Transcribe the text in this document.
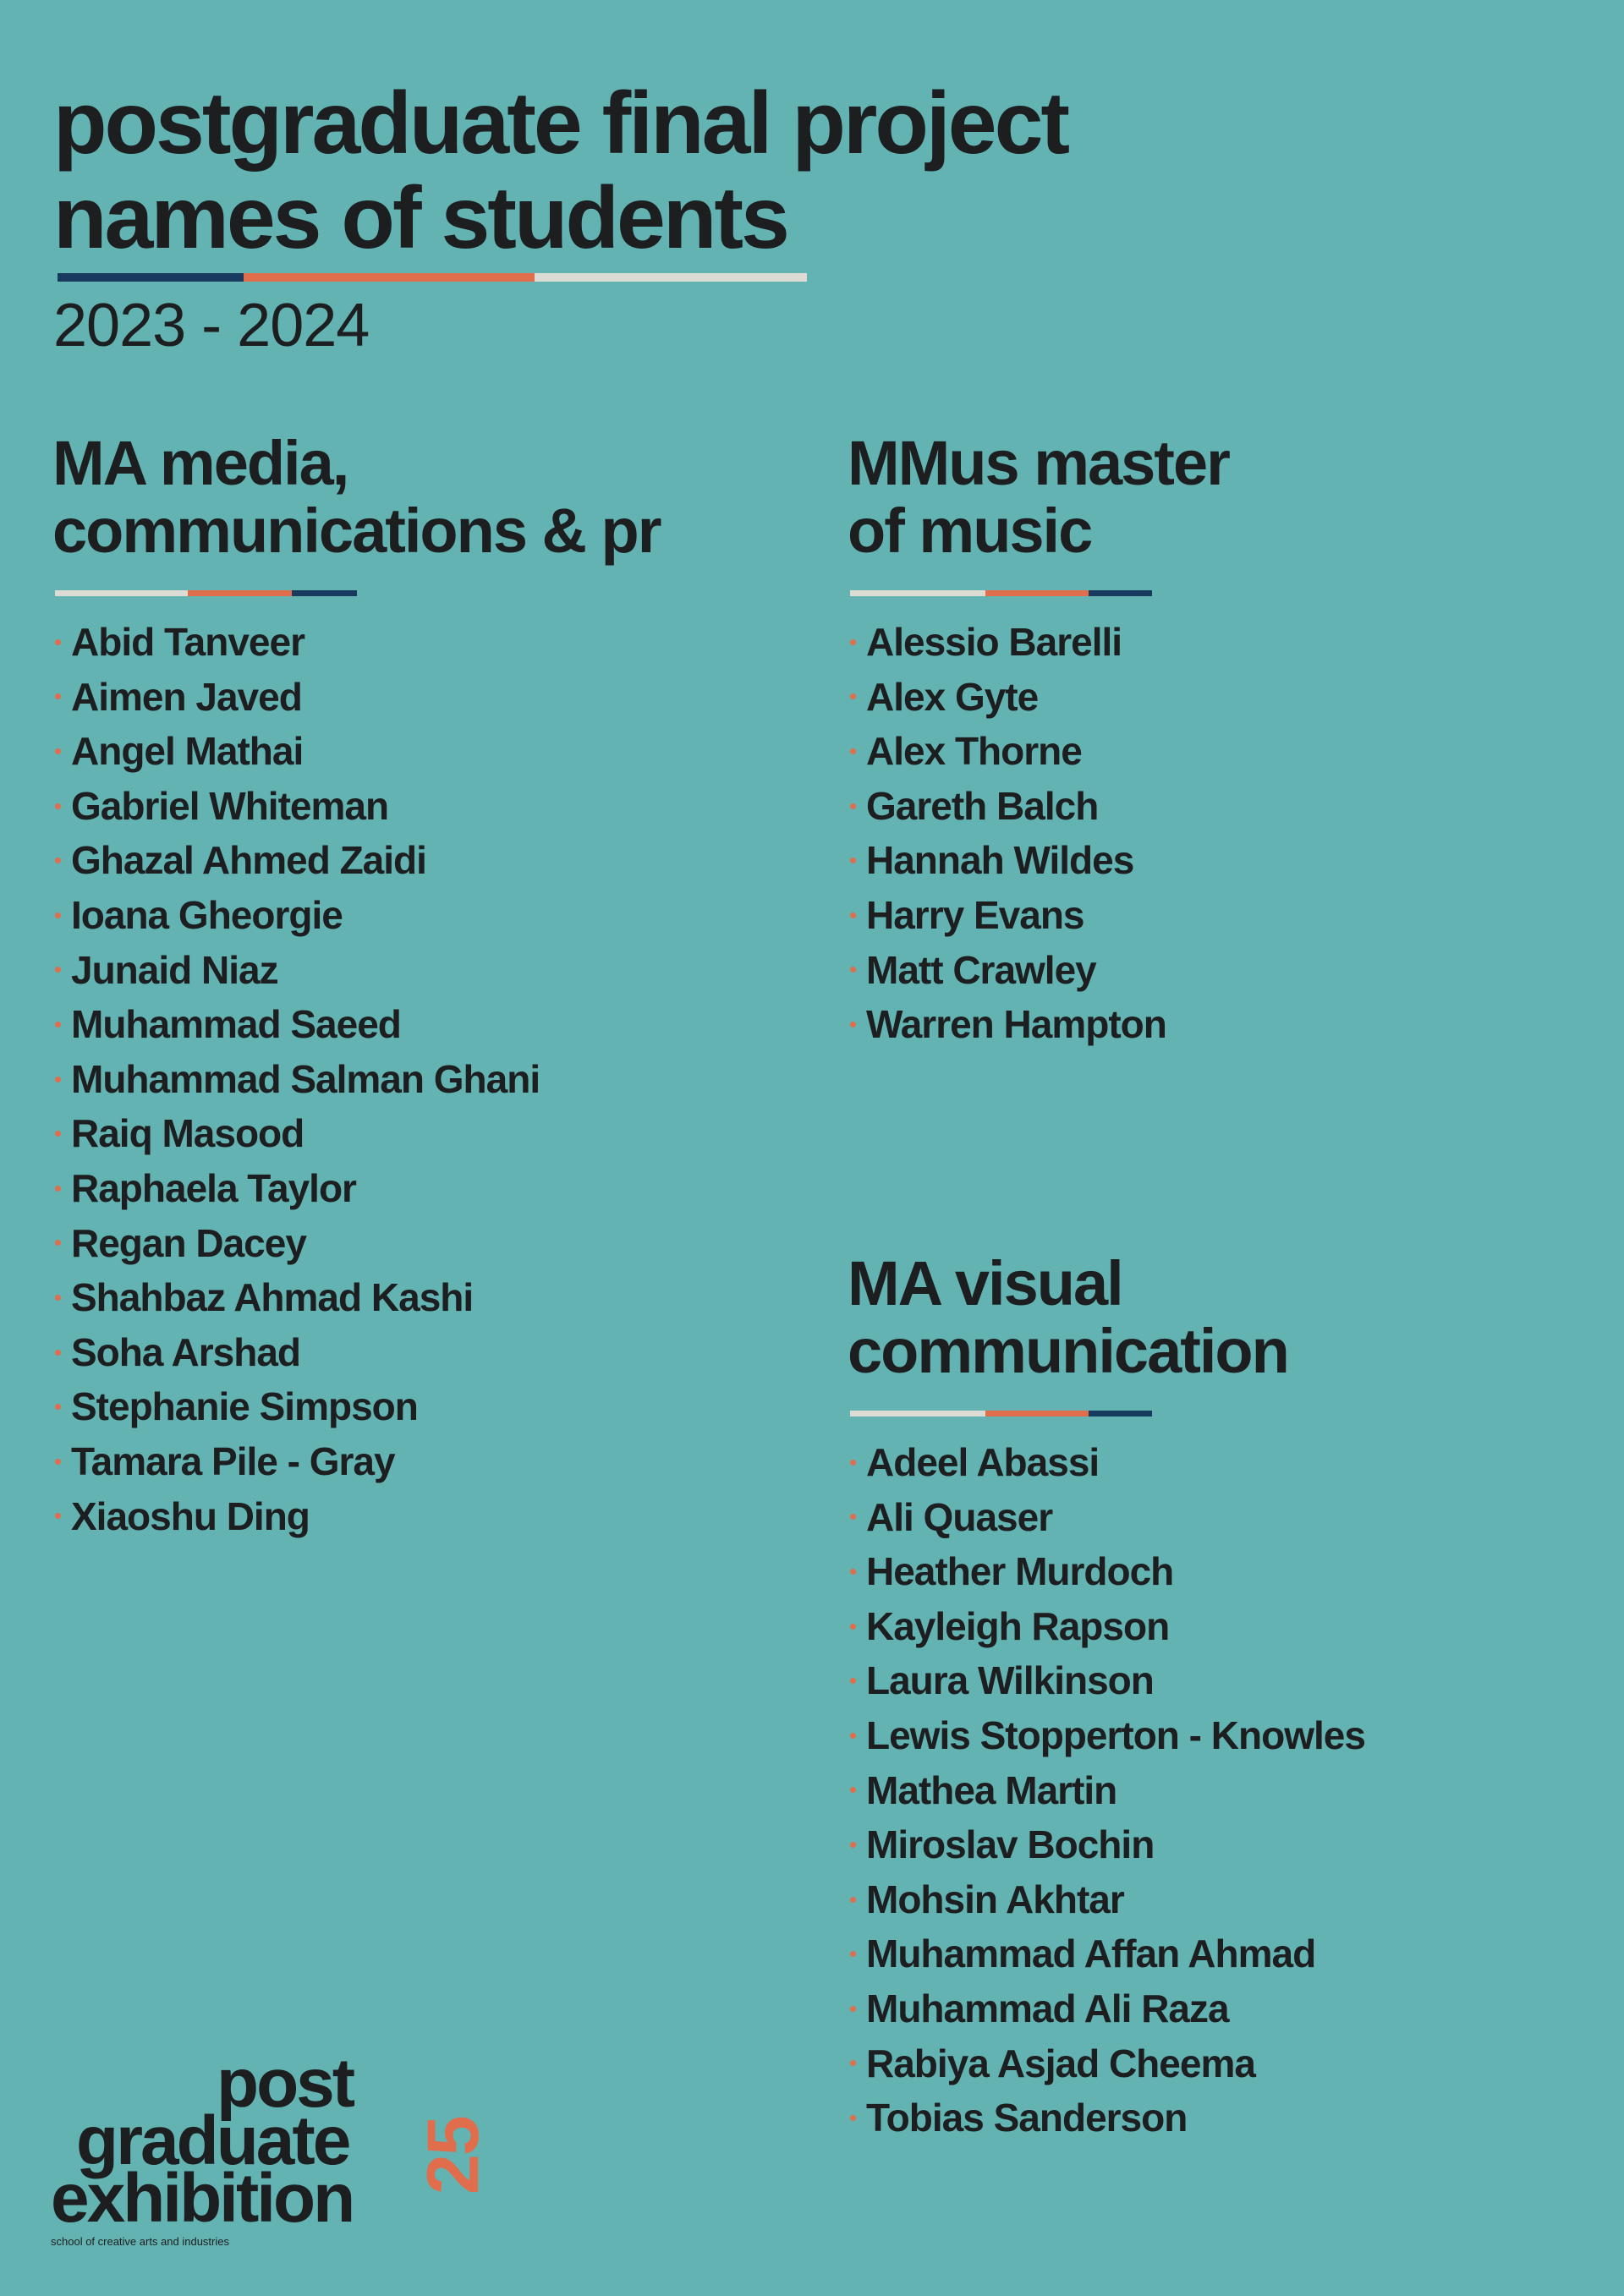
postgraduate final project
names of students
2023 - 2024
MA media,
communications & pr
Abid Tanveer
Aimen Javed
Angel Mathai
Gabriel Whiteman
Ghazal Ahmed Zaidi
Ioana Gheorgie
Junaid Niaz
Muhammad Saeed
Muhammad Salman Ghani
Raiq Masood
Raphaela Taylor
Regan Dacey
Shahbaz Ahmad Kashi
Soha Arshad
Stephanie Simpson
Tamara Pile - Gray
Xiaoshu Ding
MMus master
of music
Alessio Barelli
Alex Gyte
Alex Thorne
Gareth Balch
Hannah Wildes
Harry Evans
Matt Crawley
Warren Hampton
MA visual
communication
Adeel Abassi
Ali Quaser
Heather Murdoch
Kayleigh Rapson
Laura Wilkinson
Lewis Stopperton - Knowles
Mathea Martin
Miroslav Bochin
Mohsin Akhtar
Muhammad Affan Ahmad
Muhammad Ali Raza
Rabiya Asjad Cheema
Tobias Sanderson
post
graduate
exhibition
25
school of creative arts and industries
